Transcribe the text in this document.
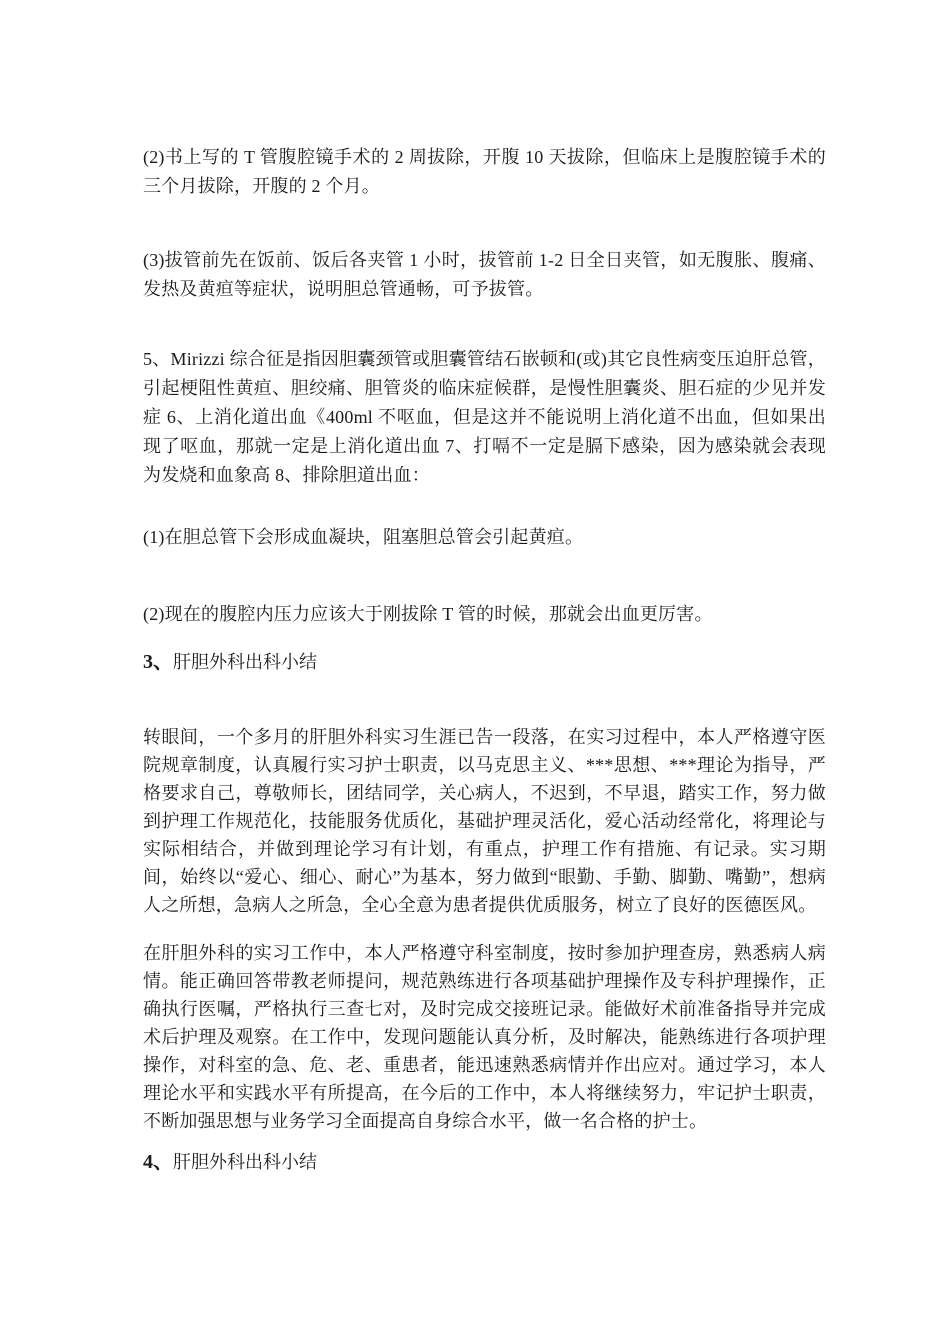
(2)书上写的 T 管腹腔镜手术的 2 周拔除，开腹 10 天拔除，但临床上是腹腔镜手术的三个月拔除，开腹的 2 个月。

(3)拔管前先在饭前、饭后各夹管 1 小时，拔管前 1-2 日全日夹管，如无腹胀、腹痛、发热及黄疸等症状，说明胆总管通畅，可予拔管。

5、Mirizzi 综合征是指因胆囊颈管或胆囊管结石嵌顿和(或)其它良性病变压迫肝总管，引起梗阻性黄疸、胆绞痛、胆管炎的临床症候群，是慢性胆囊炎、胆石症的少见并发症 6、上消化道出血《400ml 不呕血，但是这并不能说明上消化道不出血，但如果出现了呕血，那就一定是上消化道出血 7、打嗝不一定是膈下感染，因为感染就会表现为发烧和血象高 8、排除胆道出血：

(1)在胆总管下会形成血凝块，阻塞胆总管会引起黄疸。

(2)现在的腹腔内压力应该大于刚拔除 T 管的时候，那就会出血更厉害。

3、肝胆外科出科小结

转眼间，一个多月的肝胆外科实习生涯已告一段落，在实习过程中，本人严格遵守医院规章制度，认真履行实习护士职责，以马克思主义、***思想、***理论为指导，严格要求自己，尊敬师长，团结同学，关心病人，不迟到，不早退，踏实工作，努力做到护理工作规范化，技能服务优质化，基础护理灵活化，爱心活动经常化，将理论与实际相结合，并做到理论学习有计划，有重点，护理工作有措施、有记录。实习期间，始终以“爱心、细心、耐心”为基本，努力做到“眼勤、手勤、脚勤、嘴勤”，想病人之所想，急病人之所急，全心全意为患者提供优质服务，树立了良好的医德医风。

在肝胆外科的实习工作中，本人严格遵守科室制度，按时参加护理查房，熟悉病人病情。能正确回答带教老师提问，规范熟练进行各项基础护理操作及专科护理操作，正确执行医嘱，严格执行三查七对，及时完成交接班记录。能做好术前准备指导并完成术后护理及观察。在工作中，发现问题能认真分析，及时解决，能熟练进行各项护理操作，对科室的急、危、老、重患者，能迅速熟悉病情并作出应对。通过学习，本人理论水平和实践水平有所提高，在今后的工作中，本人将继续努力，牢记护士职责，不断加强思想与业务学习全面提高自身综合水平，做一名合格的护士。

4、肝胆外科出科小结
